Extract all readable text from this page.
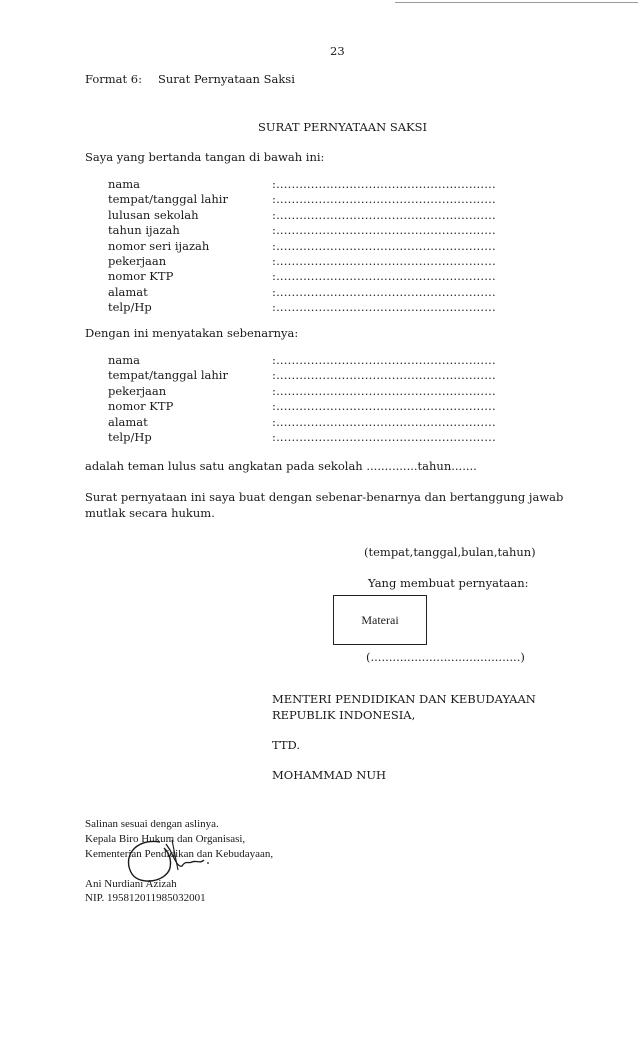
23
Format 6: Surat Pernyataan Saksi
SURAT PERNYATAAN SAKSI
Saya yang bertanda tangan di bawah ini:
nama	:.........................................................
tempat/tanggal lahir	:.........................................................
lulusan sekolah	:.........................................................
tahun ijazah	:.........................................................
nomor seri ijazah	:.........................................................
pekerjaan	:.........................................................
nomor KTP	:.........................................................
alamat	:.........................................................
telp/Hp	:.........................................................
Dengan ini menyatakan sebenarnya:
nama	:.........................................................
tempat/tanggal lahir	:.........................................................
pekerjaan	:.........................................................
nomor KTP	:.........................................................
alamat	:.........................................................
telp/Hp	:.........................................................
adalah teman lulus satu angkatan pada sekolah ..............tahun.......
Surat pernyataan ini saya buat dengan sebenar-benarnya dan bertanggung jawab
mutlak secara hukum.
(tempat,tanggal,bulan,tahun)
Yang membuat pernyataan:
Materai
(.........................................)
MENTERI PENDIDIKAN DAN KEBUDAYAAN
REPUBLIK INDONESIA,
TTD.
MOHAMMAD NUH
Salinan sesuai dengan aslinya.
Kepala Biro Hukum dan Organisasi,
Kementerian Pendidikan dan Kebudayaan,
Ani Nurdiani Azizah
NIP. 195812011985032001
